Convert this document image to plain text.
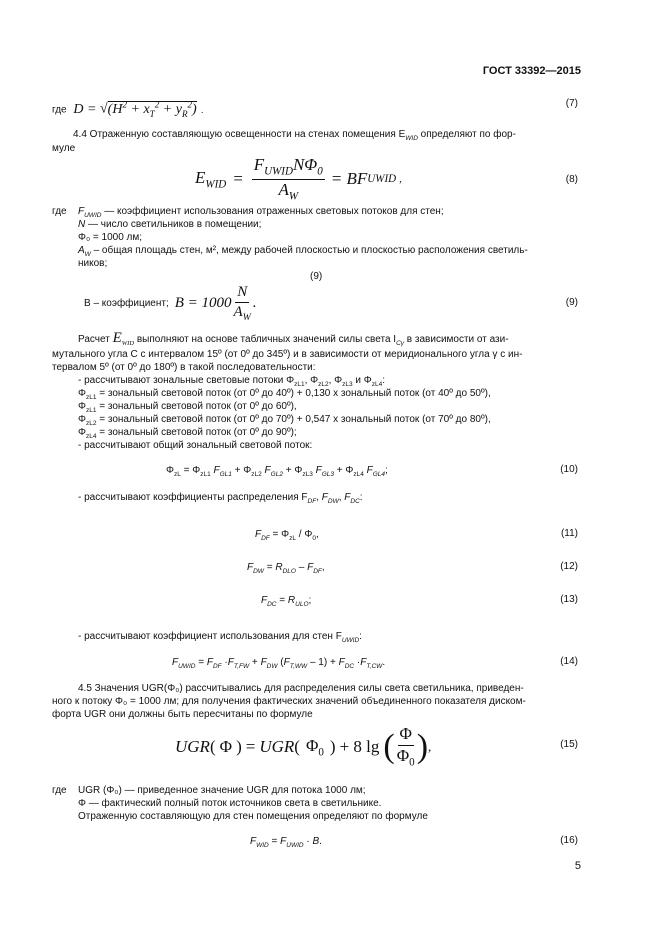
ГОСТ 33392—2015
где $D = √(H^2 + x_T^2 + y_R^2)$ .
(7)
4.4 Отраженную составляющую освещенности на стенах помещения $E_{WID}$ определяют по фор-
муле
$E_{WID} = \frac{F_{UWID}N\Phi_0}{A_W}$ = BF UWID ,	(8)
где $F_{UWID}$ — коэффициент использования отраженных световых потоков для стен;
N — число светильников в помещении;
Φ₀ = 1000 лм;
$A_W$ – общая площадь стен, м², между рабочей плоскостью и плоскостью расположения светиль-
ников;
(9)
B – коэффициент; $B = 1000 \frac{N}{A_W}$ .	(9)
Расчет $E_{WID}$ выполняют на основе табличных значений силы света $I_{C\gamma}$ в зависимости от ази-
мутального угла C с интервалом 15º (от 0º до 345º) и в зависимости от меридионального угла γ с ин-
тервалом 5º (от 0º до 180º) в такой последовательности:
- рассчитывают зональные световые потоки $\Phi_{zL1}$, $\Phi_{zL2}$, $\Phi_{zL3}$ и $\Phi_{zL4}$:
$\Phi_{zL1}$ = зональный световой поток (от 0º до 40º) + 0,130 х зональный поток (от 40º до 50º),
$\Phi_{zL1}$ = зональный световой поток (от 0º до 60º),
$\Phi_{zL2}$ = зональный световой поток (от 0º до 70º) + 0,547 х зональный поток (от 70º до 80º),
$\Phi_{zL4}$ = зональный световой поток (от 0º до 90º);
- рассчитывают общий зональный световой поток:
$\Phi_{zL} = \Phi_{zL1}$ $F_{GL1} + \Phi_{zL2}$ $F_{GL2} + \Phi_{zL3}$ $F_{GL3} + \Phi_{zL4}$ $F_{GL4}$;	(10)
- рассчитывают коэффициенты распределения $F_{DF}$, $F_{DW}$, $F_{DC}$:
$F_{DF} = \Phi_{zL} / \Phi_0$,	(11)
$F_{DW} = R_{DLO} - F_{DF}$,	(12)
$F_{DC} = R_{ULO}$;	(13)
- рассчитывают коэффициент использования для стен $F_{UWID}$:
$F_{UWID} = F_{DF} \cdot F_{T,FW} + F_{DW}$ $(F_{T,WW} - 1) + F_{DC} \cdot F_{T,CW}$.	(14)
4.5 Значения UGR(Φ₀) рассчитывались для распределения силы света светильника, приведен-
ного к потоку Φ₀ = 1000 лм; для получения фактических значений объединенного показателя диском-
форта UGR они должны быть пересчитаны по формуле
UGR ( Φ ) = UGR ( $\Phi_0$ ) + 8 lg ( $\frac{\Phi}{\Phi_0}$ ) ,	(15)
где UGR (Φ₀) — приведенное значение UGR для потока 1000 лм;
Φ — фактический полный поток источников света в светильнике.
Отраженную составляющую для стен помещения определяют по формуле
$F_{WID} = F_{UWID} \cdot B$.	(16)
5
